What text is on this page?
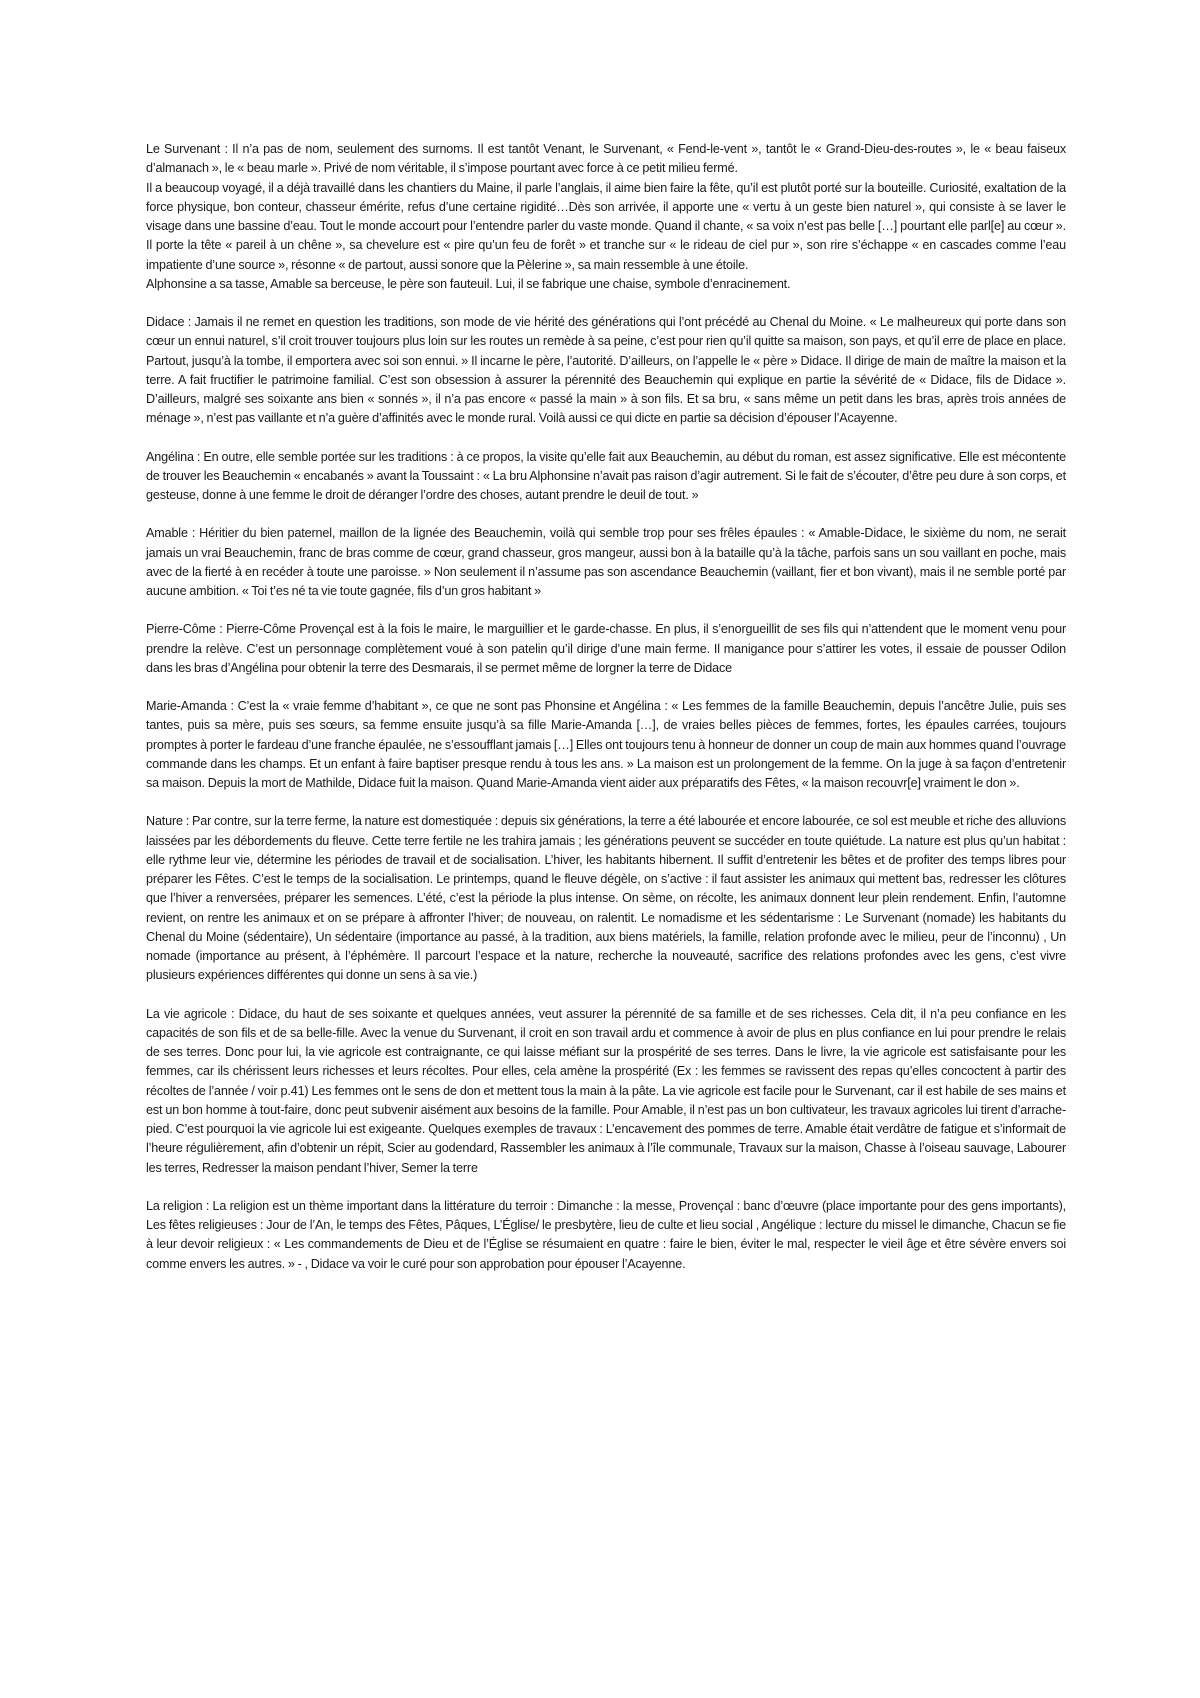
Le Survenant : Il n’a pas de nom, seulement des surnoms. Il est tantôt Venant, le Survenant, « Fend-le-vent », tantôt le « Grand-Dieu-des-routes », le « beau faiseux d’almanach », le « beau marle ». Privé de nom véritable, il s’impose pourtant avec force à ce petit milieu fermé.
Il a beaucoup voyagé, il a déjà travaillé dans les chantiers du Maine, il parle l’anglais, il aime bien faire la fête, qu’il est plutôt porté sur la bouteille. Curiosité, exaltation de la force physique, bon conteur, chasseur émérite, refus d’une certaine rigidité…Dès son arrivée, il apporte une « vertu à un geste bien naturel », qui consiste à se laver le visage dans une bassine d’eau. Tout le monde accourt pour l’entendre parler du vaste monde. Quand il chante, « sa voix n’est pas belle […] pourtant elle parl[e] au cœur ». Il porte la tête « pareil à un chêne », sa chevelure est « pire qu’un feu de forêt » et tranche sur « le rideau de ciel pur », son rire s’échappe « en cascades comme l’eau impatiente d’une source », résonne « de partout, aussi sonore que la Pèlerine », sa main ressemble à une étoile.
Alphonsine a sa tasse, Amable sa berceuse, le père son fauteuil. Lui, il se fabrique une chaise, symbole d’enracinement.

Didace : Jamais il ne remet en question les traditions, son mode de vie hérité des générations qui l’ont précédé au Chenal du Moine. « Le malheureux qui porte dans son cœur un ennui naturel, s’il croit trouver toujours plus loin sur les routes un remède à sa peine, c’est pour rien qu’il quitte sa maison, son pays, et qu’il erre de place en place. Partout, jusqu’à la tombe, il emportera avec soi son ennui. » Il incarne le père, l’autorité. D’ailleurs, on l’appelle le « père » Didace. Il dirige de main de maître la maison et la terre. A fait fructifier le patrimoine familial. C’est son obsession à assurer la pérennité des Beauchemin qui explique en partie la sévérité de « Didace, fils de Didace ». D’ailleurs, malgré ses soixante ans bien « sonnés », il n’a pas encore « passé la main » à son fils. Et sa bru, « sans même un petit dans les bras, après trois années de ménage », n’est pas vaillante et n’a guère d’affinités avec le monde rural. Voilà aussi ce qui dicte en partie sa décision d’épouser l’Acayenne.

Angélina : En outre, elle semble portée sur les traditions : à ce propos, la visite qu’elle fait aux Beauchemin, au début du roman, est assez significative. Elle est mécontente de trouver les Beauchemin « encabanés » avant la Toussaint : « La bru Alphonsine n’avait pas raison d’agir autrement. Si le fait de s’écouter, d’être peu dure à son corps, et gesteuse, donne à une femme le droit de déranger l’ordre des choses, autant prendre le deuil de tout. »

Amable : Héritier du bien paternel, maillon de la lignée des Beauchemin, voilà qui semble trop pour ses frêles épaules : « Amable-Didace, le sixième du nom, ne serait jamais un vrai Beauchemin, franc de bras comme de cœur, grand chasseur, gros mangeur, aussi bon à la bataille qu’à la tâche, parfois sans un sou vaillant en poche, mais avec de la fierté à en recéder à toute une paroisse. » Non seulement il n’assume pas son ascendance Beauchemin (vaillant, fier et bon vivant), mais il ne semble porté par aucune ambition. « Toi t’es né ta vie toute gagnée, fils d’un gros habitant »

Pierre-Côme : Pierre-Côme Provençal est à la fois le maire, le marguillier et le garde-chasse. En plus, il s’enorgueillit de ses fils qui n’attendent que le moment venu pour prendre la relève. C’est un personnage complètement voué à son patelin qu’il dirige d’une main ferme. Il manigance pour s’attirer les votes, il essaie de pousser Odilon dans les bras d’Angélina pour obtenir la terre des Desmarais, il se permet même de lorgner la terre de Didace

Marie-Amanda : C’est la « vraie femme d’habitant », ce que ne sont pas Phonsine et Angélina : « Les femmes de la famille Beauchemin, depuis l’ancêtre Julie, puis ses tantes, puis sa mère, puis ses sœurs, sa femme ensuite jusqu’à sa fille Marie-Amanda […], de vraies belles pièces de femmes, fortes, les épaules carrées, toujours promptes à porter le fardeau d’une franche épaulée, ne s’essoufflant jamais […] Elles ont toujours tenu à honneur de donner un coup de main aux hommes quand l’ouvrage commande dans les champs. Et un enfant à faire baptiser presque rendu à tous les ans. » La maison est un prolongement de la femme. On la juge à sa façon d’entretenir sa maison. Depuis la mort de Mathilde, Didace fuit la maison. Quand Marie-Amanda vient aider aux préparatifs des Fêtes, « la maison recouvr[e] vraiment le don ».

Nature : Par contre, sur la terre ferme, la nature est domestiquée : depuis six générations, la terre a été labourée et encore labourée, ce sol est meuble et riche des alluvions laissées par les débordements du fleuve. Cette terre fertile ne les trahira jamais ; les générations peuvent se succéder en toute quiétude. La nature est plus qu’un habitat : elle rythme leur vie, détermine les périodes de travail et de socialisation. L’hiver, les habitants hibernent. Il suffit d’entretenir les bêtes et de profiter des temps libres pour préparer les Fêtes. C’est le temps de la socialisation. Le printemps, quand le fleuve dégèle, on s’active : il faut assister les animaux qui mettent bas, redresser les clôtures que l’hiver a renversées, préparer les semences. L’été, c’est la période la plus intense. On sème, on récolte, les animaux donnent leur plein rendement. Enfin, l’automne revient, on rentre les animaux et on se prépare à affronter l’hiver; de nouveau, on ralentit. Le nomadisme et les sédentarisme : Le Survenant (nomade) les habitants du Chenal du Moine (sédentaire), Un sédentaire (importance au passé, à la tradition, aux biens matériels, la famille, relation profonde avec le milieu, peur de l’inconnu) , Un nomade (importance au présent, à l’éphémère. Il parcourt l’espace et la nature, recherche la nouveauté, sacrifice des relations profondes avec les gens, c’est vivre plusieurs expériences différentes qui donne un sens à sa vie.)

La vie agricole : Didace, du haut de ses soixante et quelques années, veut assurer la pérennité de sa famille et de ses richesses. Cela dit, il n’a peu confiance en les capacités de son fils et de sa belle-fille. Avec la venue du Survenant, il croit en son travail ardu et commence à avoir de plus en plus confiance en lui pour prendre le relais de ses terres. Donc pour lui, la vie agricole est contraignante, ce qui laisse méfiant sur la prospérité de ses terres. Dans le livre, la vie agricole est satisfaisante pour les femmes, car ils chérissent leurs richesses et leurs récoltes. Pour elles, cela amène la prospérité (Ex : les femmes se ravissent des repas qu’elles concoctent à partir des récoltes de l’année / voir p.41) Les femmes ont le sens de don et mettent tous la main à la pâte. La vie agricole est facile pour le Survenant, car il est habile de ses mains et est un bon homme à tout-faire, donc peut subvenir aisément aux besoins de la famille. Pour Amable, il n’est pas un bon cultivateur, les travaux agricoles lui tirent d’arrache-pied. C’est pourquoi la vie agricole lui est exigeante. Quelques exemples de travaux : L’encavement des pommes de terre. Amable était verdâtre de fatigue et s’informait de l’heure régulièrement, afin d’obtenir un répit, Scier au godendard, Rassembler les animaux à l’île communale, Travaux sur la maison, Chasse à l’oiseau sauvage, Labourer les terres, Redresser la maison pendant l’hiver, Semer la terre

La religion : La religion est un thème important dans la littérature du terroir : Dimanche : la messe, Provençal : banc d’œuvre (place importante pour des gens importants), Les fêtes religieuses : Jour de l’An, le temps des Fêtes, Pâques, L’Église/ le presbytère, lieu de culte et lieu social , Angélique : lecture du missel le dimanche, Chacun se fie à leur devoir religieux : « Les commandements de Dieu et de l’Église se résumaient en quatre : faire le bien, éviter le mal, respecter le vieil âge et être sévère envers soi comme envers les autres. » - , Didace va voir le curé pour son approbation pour épouser l’Acayenne.
